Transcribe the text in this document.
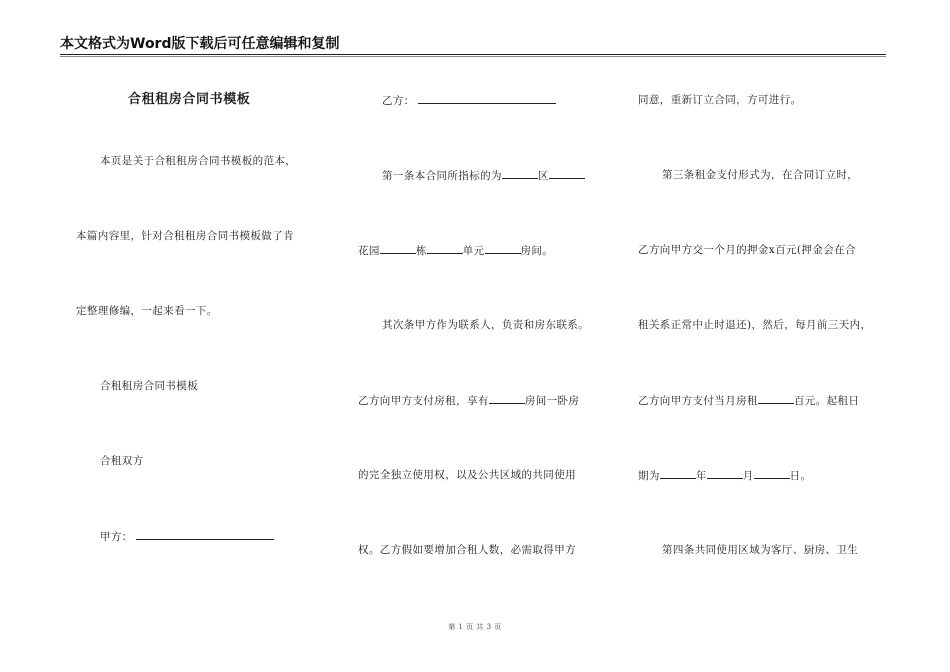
本文格式为Word版下载后可任意编辑和复制
合租租房合同书模板
本页是关于合租租房合同书模板的范本，
本篇内容里，针对合租租房合同书模板做了肯
定整理修编，一起来看一下。
合租租房合同书模板
合租双方
甲方：
乙方：
第一条本合同所指标的为	区
花园	栋	单元	房间。
其次条甲方作为联系人，负责和房东联系。
乙方向甲方支付房租，享有	房间一卧房
的完全独立使用权，以及公共区域的共同使用
权。乙方假如要增加合租人数，必需取得甲方
同意，重新订立合同，方可进行。
第三条租金支付形式为，在合同订立时，
乙方向甲方交一个月的押金x百元(押金会在合
租关系正常中止时退还)，然后，每月前三天内，
乙方向甲方支付当月房租	百元。起租日
期为	年	月	日。
第四条共同使用区域为客厅、厨房、卫生
第 1 页 共 3 页
